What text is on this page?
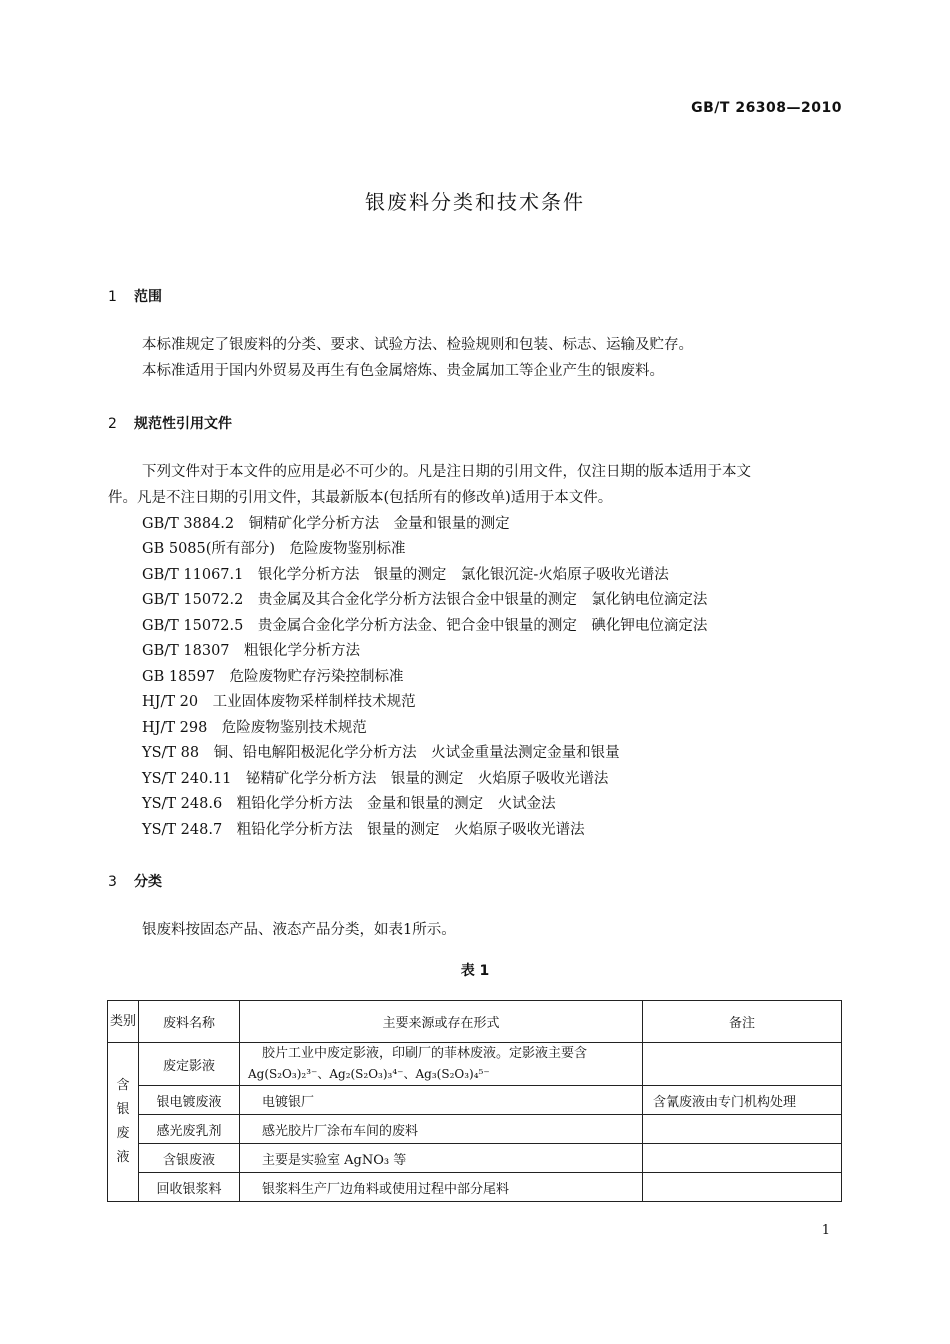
GB/T 26308—2010
银废料分类和技术条件
1 范围
本标准规定了银废料的分类、要求、试验方法、检验规则和包装、标志、运输及贮存。
本标准适用于国内外贸易及再生有色金属熔炼、贵金属加工等企业产生的银废料。
2 规范性引用文件
下列文件对于本文件的应用是必不可少的。凡是注日期的引用文件，仅注日期的版本适用于本文
件。凡是不注日期的引用文件，其最新版本(包括所有的修改单)适用于本文件。
GB/T 3884.2　铜精矿化学分析方法　金量和银量的测定
GB 5085(所有部分)　危险废物鉴别标准
GB/T 11067.1　银化学分析方法　银量的测定　氯化银沉淀-火焰原子吸收光谱法
GB/T 15072.2　贵金属及其合金化学分析方法银合金中银量的测定　氯化钠电位滴定法
GB/T 15072.5　贵金属合金化学分析方法金、钯合金中银量的测定　碘化钾电位滴定法
GB/T 18307　粗银化学分析方法
GB 18597　危险废物贮存污染控制标准
HJ/T 20　工业固体废物采样制样技术规范
HJ/T 298　危险废物鉴别技术规范
YS/T 88　铜、铅电解阳极泥化学分析方法　火试金重量法测定金量和银量
YS/T 240.11　铋精矿化学分析方法　银量的测定　火焰原子吸收光谱法
YS/T 248.6　粗铅化学分析方法　金量和银量的测定　火试金法
YS/T 248.7　粗铅化学分析方法　银量的测定　火焰原子吸收光谱法
3 分类
银废料按固态产品、液态产品分类，如表1所示。
表 1
类别	废料名称	主要来源或存在形式	备注

含银废液	废定影液	胶片工业中废定影液，印刷厂的菲林废液。定影液主要含
Ag(S₂O₃)₂³⁻、Ag₂(S₂O₃)₃⁴⁻、Ag₃(S₂O₃)₄⁵⁻	

	银电镀废液	电镀银厂	含氰废液由专门机构处理
	感光废乳剂	感光胶片厂涂布车间的废料	
	含银废液	主要是实验室 AgNO₃ 等	
	回收银浆料	银浆料生产厂边角料或使用过程中部分尾料	
1
